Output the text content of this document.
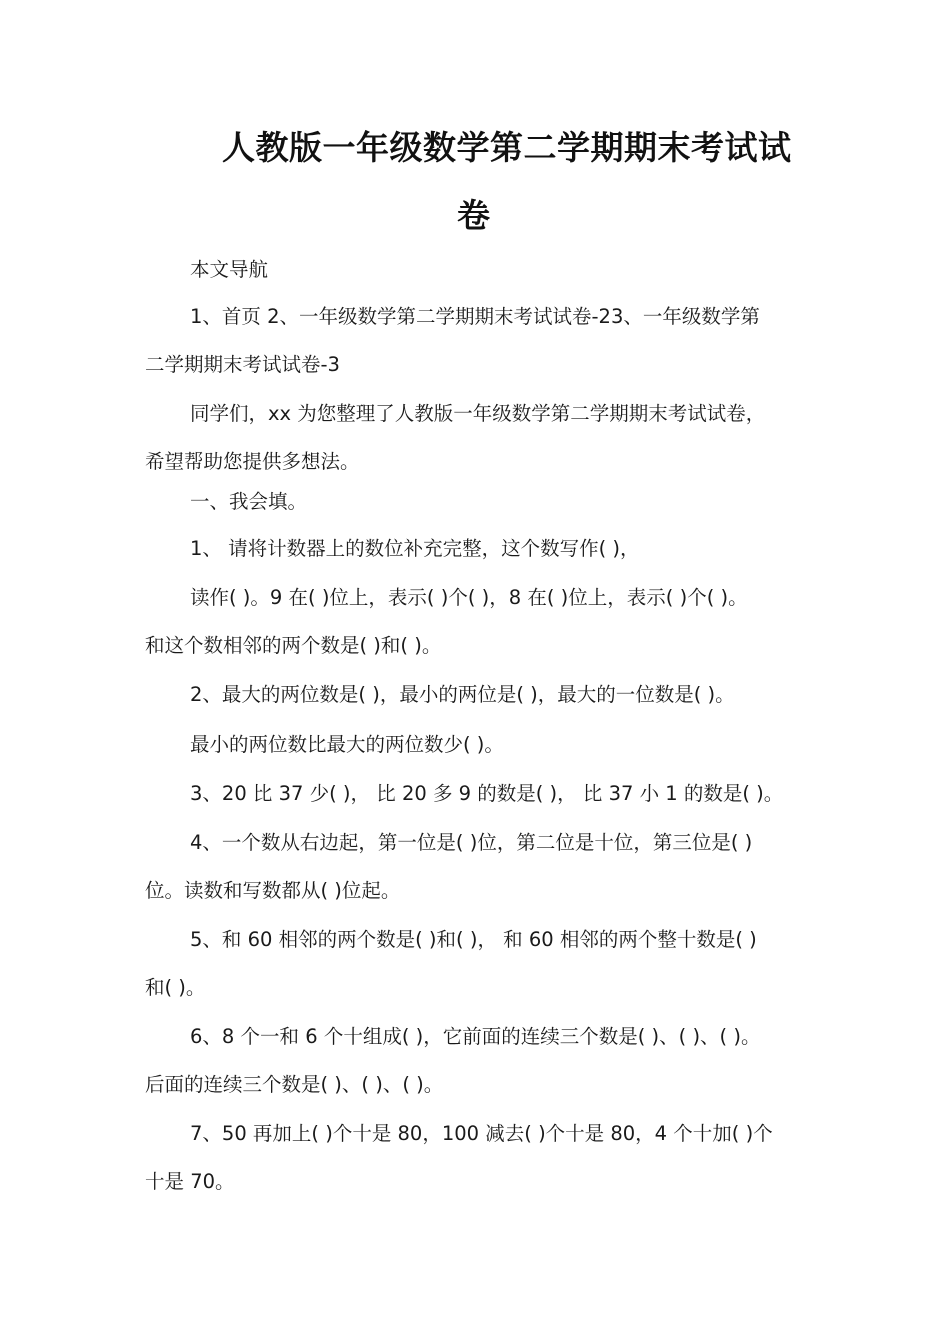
人教版一年级数学第二学期期末考试试
卷
本文导航
1、首页 2、一年级数学第二学期期末考试试卷-23、一年级数学第
二学期期末考试试卷-3
同学们，xx 为您整理了人教版一年级数学第二学期期末考试试卷，
希望帮助您提供多想法。
一、我会填。
1、 请将计数器上的数位补充完整，这个数写作( )，
读作( )。9 在( )位上，表示( )个( )，8 在( )位上，表示( )个( )。
和这个数相邻的两个数是( )和( )。
2、最大的两位数是( )，最小的两位是( )，最大的一位数是( )。
最小的两位数比最大的两位数少( )。
3、20 比 37 少( )， 比 20 多 9 的数是( )， 比 37 小 1 的数是( )。
4、一个数从右边起，第一位是( )位，第二位是十位，第三位是( )
位。读数和写数都从( )位起。
5、和 60 相邻的两个数是( )和( )， 和 60 相邻的两个整十数是( )
和( )。
6、8 个一和 6 个十组成( )，它前面的连续三个数是( )、( )、( )。
后面的连续三个数是( )、( )、( )。
7、50 再加上( )个十是 80，100 减去( )个十是 80，4 个十加( )个
十是 70。
